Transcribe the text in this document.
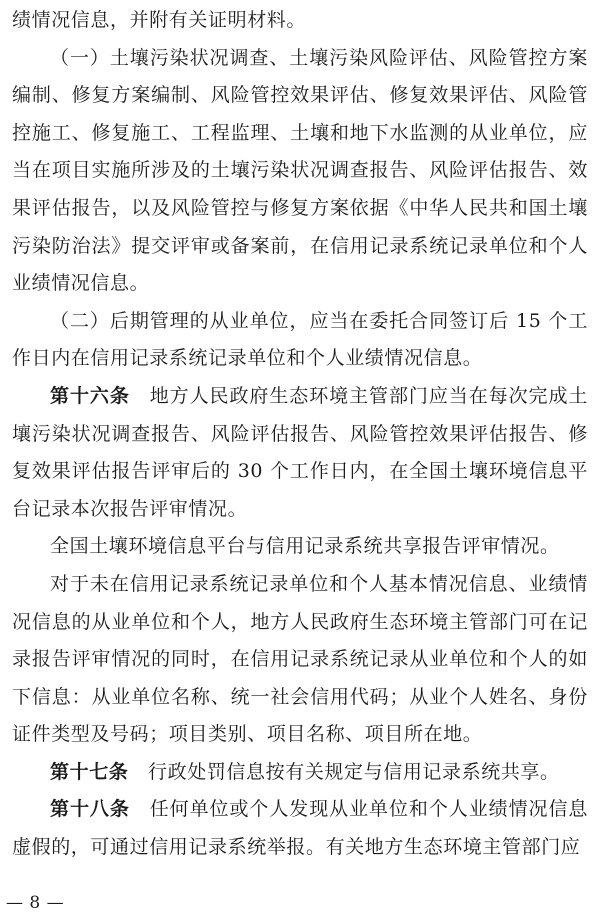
绩情况信息，并附有关证明材料。

（一）土壤污染状况调查、土壤污染风险评估、风险管控方案编制、修复方案编制、风险管控效果评估、修复效果评估、风险管控施工、修复施工、工程监理、土壤和地下水监测的从业单位，应当在项目实施所涉及的土壤污染状况调查报告、风险评估报告、效果评估报告，以及风险管控与修复方案依据《中华人民共和国土壤污染防治法》提交评审或备案前，在信用记录系统记录单位和个人业绩情况信息。

（二）后期管理的从业单位，应当在委托合同签订后 15 个工作日内在信用记录系统记录单位和个人业绩情况信息。

第十六条  地方人民政府生态环境主管部门应当在每次完成土壤污染状况调查报告、风险评估报告、风险管控效果评估报告、修复效果评估报告评审后的 30 个工作日内，在全国土壤环境信息平台记录本次报告评审情况。

全国土壤环境信息平台与信用记录系统共享报告评审情况。

对于未在信用记录系统记录单位和个人基本情况信息、业绩情况信息的从业单位和个人，地方人民政府生态环境主管部门可在记录报告评审情况的同时，在信用记录系统记录从业单位和个人的如下信息：从业单位名称、统一社会信用代码；从业个人姓名、身份证件类型及号码；项目类别、项目名称、项目所在地。

第十七条  行政处罚信息按有关规定与信用记录系统共享。

第十八条  任何单位或个人发现从业单位和个人业绩情况信息虚假的，可通过信用记录系统举报。有关地方生态环境主管部门应

— 8 —
